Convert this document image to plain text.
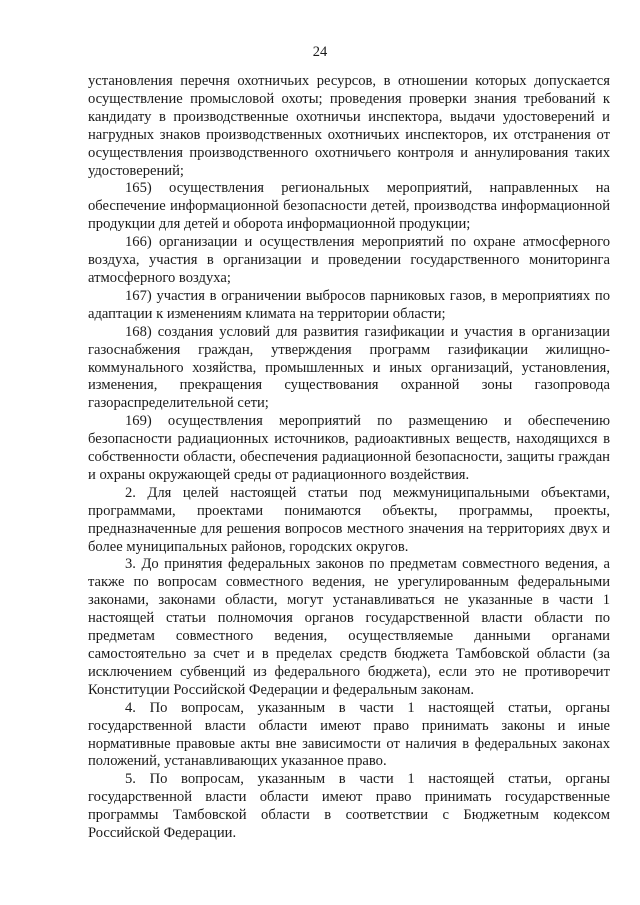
24

установления перечня охотничьих ресурсов, в отношении которых допускается осуществление промысловой охоты; проведения проверки знания требований к кандидату в производственные охотничьи инспектора, выдачи удостоверений и нагрудных знаков производственных охотничьих инспекторов, их отстранения от осуществления производственного охотничьего контроля и аннулирования таких удостоверений;

165) осуществления региональных мероприятий, направленных на обеспечение информационной безопасности детей, производства информационной продукции для детей и оборота информационной продукции;

166) организации и осуществления мероприятий по охране атмосферного воздуха, участия в организации и проведении государственного мониторинга атмосферного воздуха;

167) участия в ограничении выбросов парниковых газов, в мероприятиях по адаптации к изменениям климата на территории области;

168) создания условий для развития газификации и участия в организации газоснабжения граждан, утверждения программ газификации жилищно-коммунального хозяйства, промышленных и иных организаций, установления, изменения, прекращения существования охранной зоны газопровода газораспределительной сети;

169) осуществления мероприятий по размещению и обеспечению безопасности радиационных источников, радиоактивных веществ, находящихся в собственности области, обеспечения радиационной безопасности, защиты граждан и охраны окружающей среды от радиационного воздействия.

2. Для целей настоящей статьи под межмуниципальными объектами, программами, проектами понимаются объекты, программы, проекты, предназначенные для решения вопросов местного значения на территориях двух и более муниципальных районов, городских округов.

3. До принятия федеральных законов по предметам совместного ведения, а также по вопросам совместного ведения, не урегулированным федеральными законами, законами области, могут устанавливаться не указанные в части 1 настоящей статьи полномочия органов государственной власти области по предметам совместного ведения, осуществляемые данными органами самостоятельно за счет и в пределах средств бюджета Тамбовской области (за исключением субвенций из федерального бюджета), если это не противоречит Конституции Российской Федерации и федеральным законам.

4. По вопросам, указанным в части 1 настоящей статьи, органы государственной власти области имеют право принимать законы и иные нормативные правовые акты вне зависимости от наличия в федеральных законах положений, устанавливающих указанное право.

5. По вопросам, указанным в части 1 настоящей статьи, органы государственной власти области имеют право принимать государственные программы Тамбовской области в соответствии с Бюджетным кодексом Российской Федерации.
